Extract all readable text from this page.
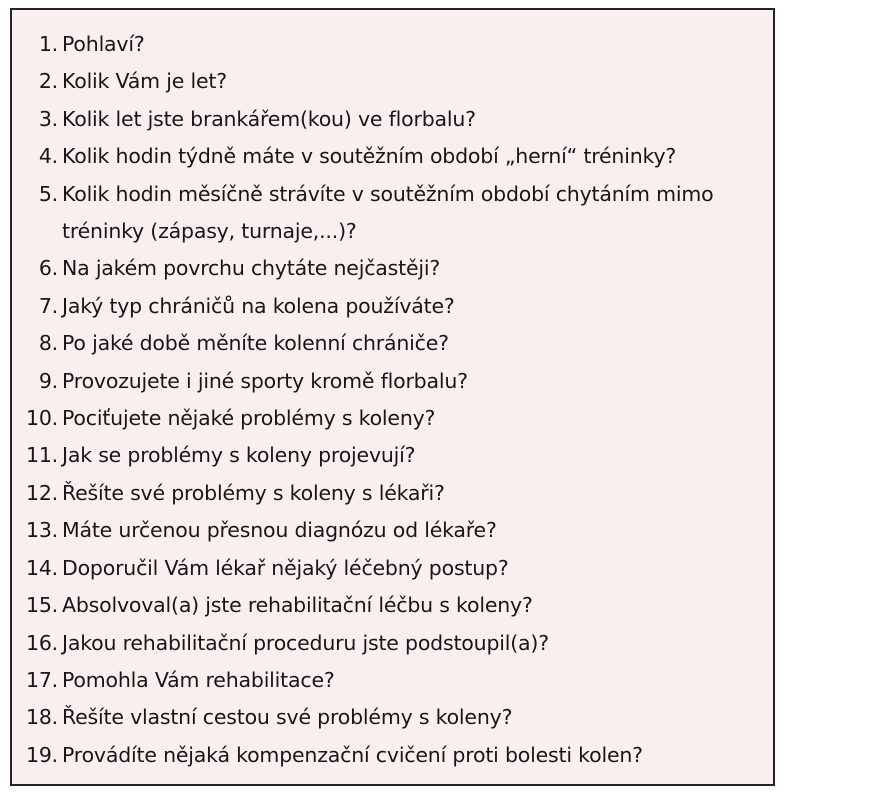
1. Pohlaví?
2. Kolik Vám je let?
3. Kolik let jste brankářem(kou) ve florbalu?
4. Kolik hodin týdně máte v soutěžním období „herní“ tréninky?
5. Kolik hodin měsíčně strávíte v soutěžním období chytáním mimo tréninky (zápasy, turnaje,...)?
6. Na jakém povrchu chytáte nejčastěji?
7. Jaký typ chráničů na kolena používáte?
8. Po jaké době měníte kolenní chrániče?
9. Provozujete i jiné sporty kromě florbalu?
10. Pociťujete nějaké problémy s koleny?
11. Jak se problémy s koleny projevují?
12. Řešíte své problémy s koleny s lékaři?
13. Máte určenou přesnou diagnózu od lékaře?
14. Doporučil Vám lékař nějaký léčebný postup?
15. Absolvoval(a) jste rehabilitační léčbu s koleny?
16. Jakou rehabilitační proceduru jste podstoupil(a)?
17. Pomohla Vám rehabilitace?
18. Řešíte vlastní cestou své problémy s koleny?
19. Provádíte nějaká kompenzační cvičení proti bolesti kolen?
